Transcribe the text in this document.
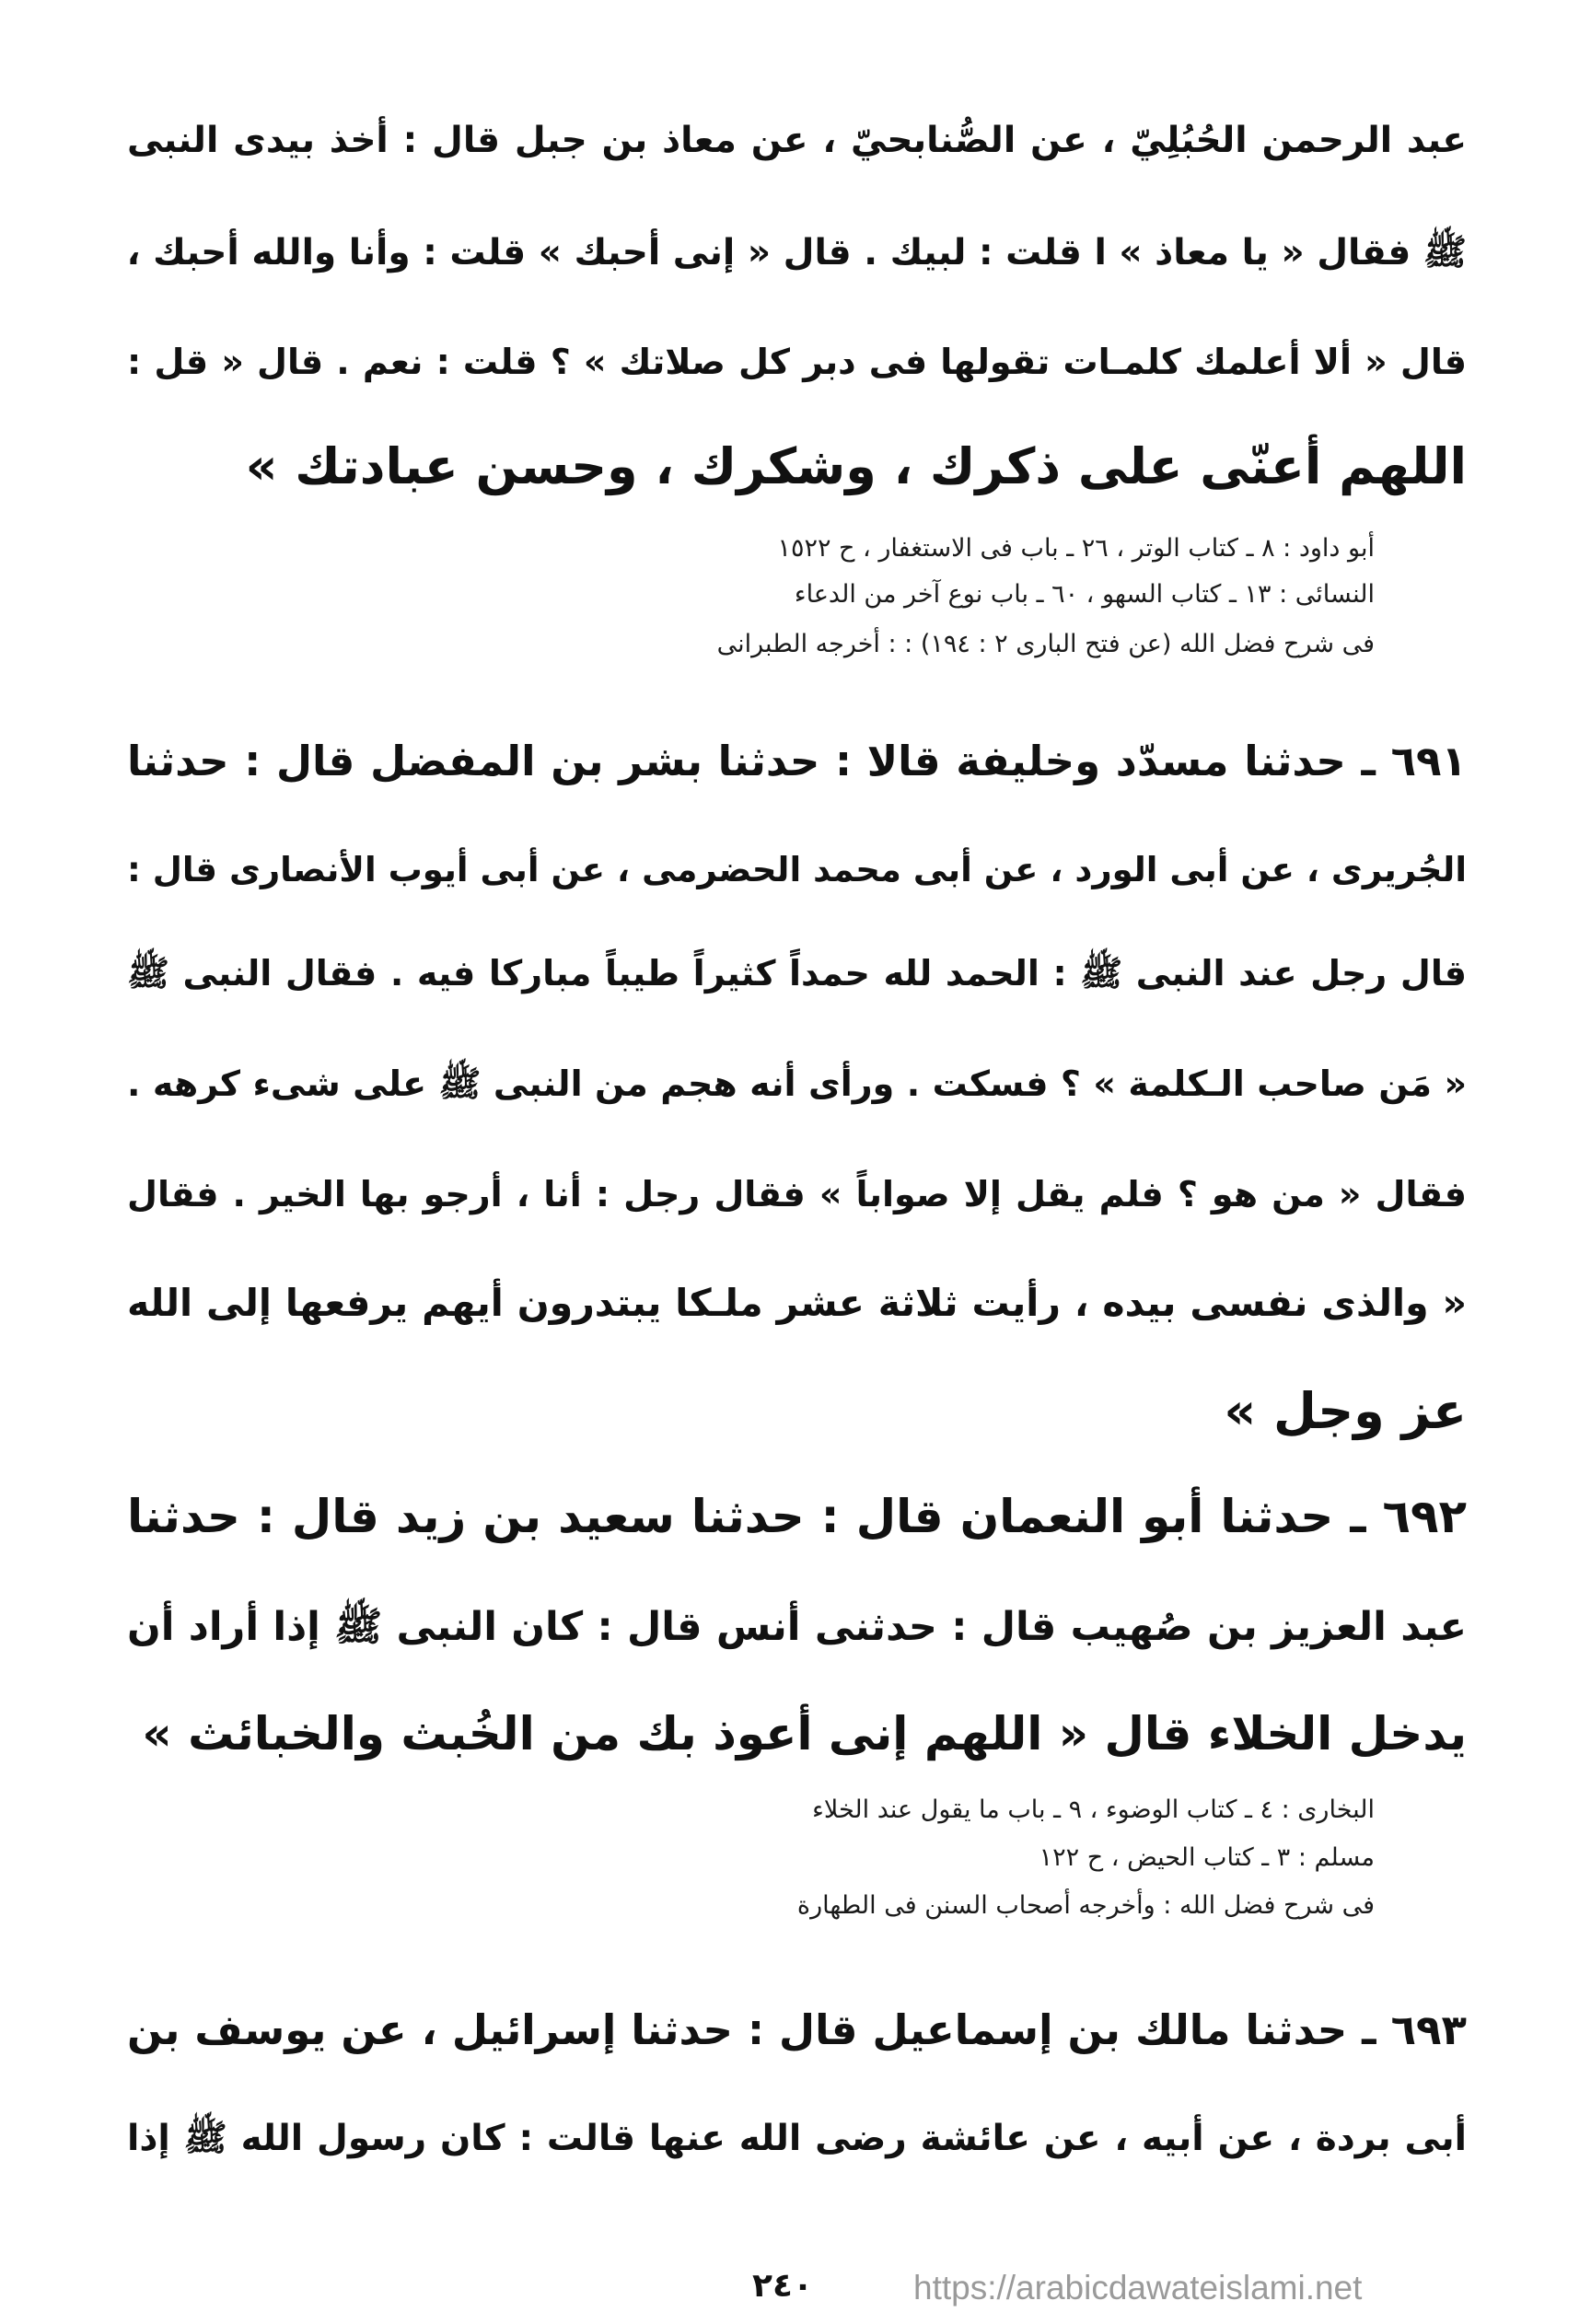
عبد الرحمن الحُبُلِيّ ، عن الصُّنابحيّ ، عن معاذ بن جبل قال : أخذ بيدى النبى
ﷺ فقال « يا معاذ » ا قلت : لبيك . قال « إنى أحبك » قلت : وأنا والله أحبك ،
قال « ألا أعلمك كلمـات تقولها فى دبر كل صلاتك » ؟ قلت : نعم . قال « قل :
اللهم أعنّى على ذكرك ، وشكرك ، وحسن عبادتك »
أبو داود : ٨ ـ كتاب الوتر ، ٢٦ ـ باب فى الاستغفار ، ح ١٥٢٢
النسائى : ١٣ ـ كتاب السهو ، ٦٠ ـ باب نوع آخر من الدعاء
فى شرح فضل الله (عن فتح البارى ٢ : ١٩٤) : : أخرجه الطبرانى
٦٩١ ـ حدثنا مسدّد وخليفة قالا : حدثنا بشر بن المفضل قال : حدثنا
الجُريرى ، عن أبى الورد ، عن أبى محمد الحضرمى ، عن أبى أيوب الأنصارى قال :
قال رجل عند النبى ﷺ : الحمد لله حمداً كثيراً طيباً مباركا فيه . فقال النبى ﷺ
« مَن صاحب الـكلمة » ؟ فسكت . ورأى أنه هجم من النبى ﷺ على شىء كرهه .
فقال « من هو ؟ فلم يقل إلا صواباً » فقال رجل : أنا ، أرجو بها الخير . فقال
« والذى نفسى بيده ، رأيت ثلاثة عشر ملـكا يبتدرون أيهم يرفعها إلى الله
عز وجل »
٦٩٢ ـ حدثنا أبو النعمان قال : حدثنا سعيد بن زيد قال : حدثنا
عبد العزيز بن صُهيب قال : حدثنى أنس قال : كان النبى ﷺ إذا أراد أن
يدخل الخلاء قال « اللهم إنى أعوذ بك من الخُبث والخبائث »
البخارى : ٤ ـ كتاب الوضوء ، ٩ ـ باب ما يقول عند الخلاء
مسلم : ٣ ـ كتاب الحيض ، ح ١٢٢
فى شرح فضل الله : وأخرجه أصحاب السنن فى الطهارة
٦٩٣ ـ حدثنا مالك بن إسماعيل قال : حدثنا إسرائيل ، عن يوسف بن
أبى بردة ، عن أبيه ، عن عائشة رضى الله عنها قالت : كان رسول الله ﷺ إذا
٢٤٠	https://arabicdawateislami.net
